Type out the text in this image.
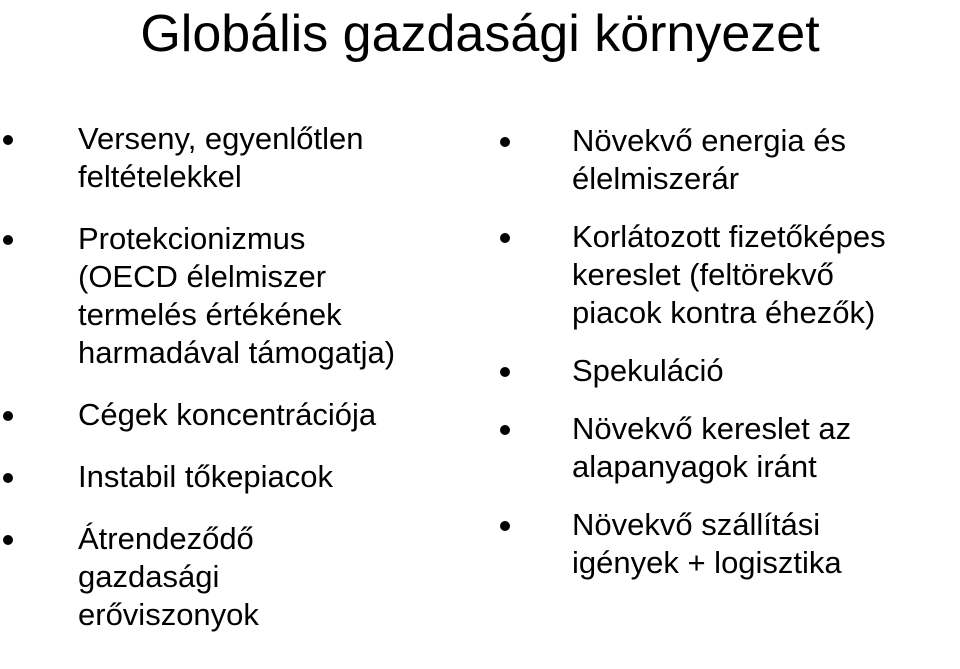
Globális gazdasági környezet
Verseny, egyenlőtlen
feltételekkel
Protekcionizmus
(OECD élelmiszer
termelés értékének
harmadával támogatja)
Cégek koncentrációja
Instabil tőkepiacok
Átrendeződő
gazdasági
erőviszonyok
Növekvő energia és
élelmiszerár
Korlátozott fizetőképes
kereslet (feltörekvő
piacok kontra éhezők)
Spekuláció
Növekvő kereslet az
alapanyagok iránt
Növekvő szállítási
igények + logisztika
